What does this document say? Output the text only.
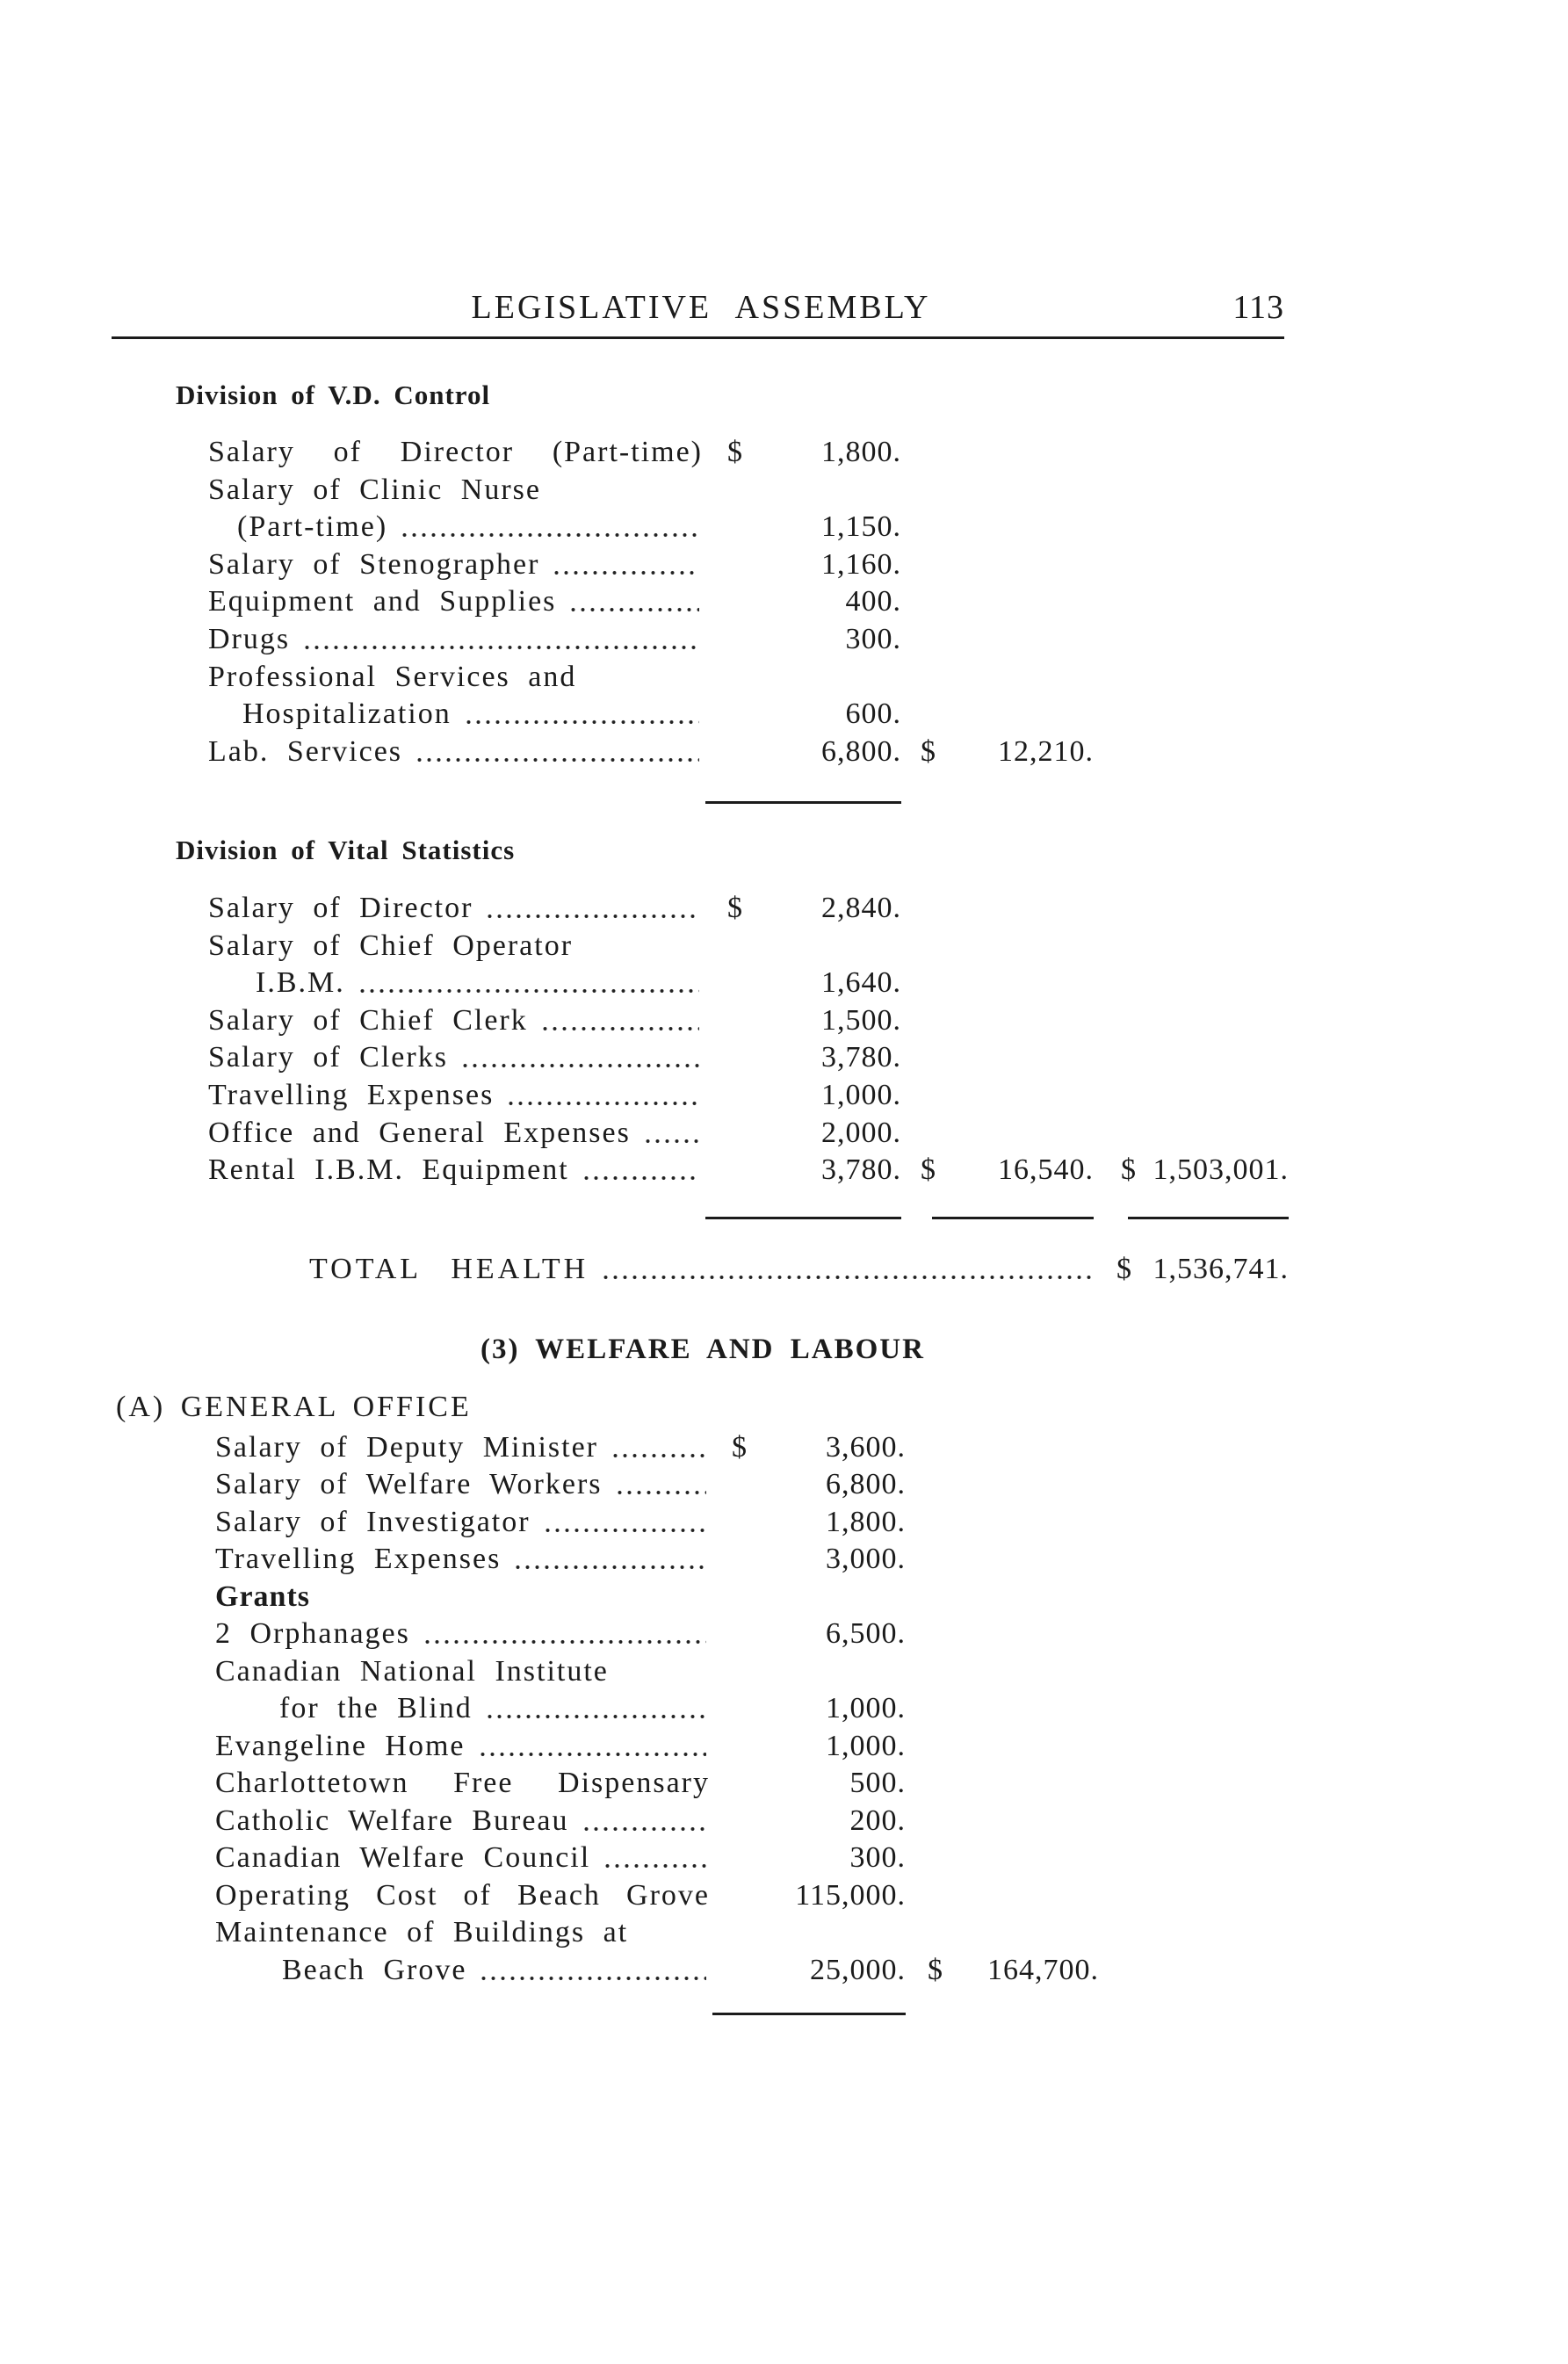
LEGISLATIVE ASSEMBLY	113
Division of V.D. Control
Salary of Director (Part-time) $	1,800.
Salary of Clinic Nurse
(Part-time)	1,150.
Salary of Stenographer	1,160.
Equipment and Supplies	400.
Drugs	300.
Professional Services and
Hospitalization	600.
Lab. Services	6,800. $	12,210.
Division of Vital Statistics
Salary of Director	$	2,840.
Salary of Chief Operator
I.B.M.	1,640.
Salary of Chief Clerk	1,500.
Salary of Clerks	3,780.
Travelling Expenses	1,000.
Office and General Expenses	2,000.
Rental I.B.M. Equipment	3,780. $	16,540. $ 1,503,001.
TOTAL HEALTH	$ 1,536,741.
(3) WELFARE AND LABOUR
(A) GENERAL OFFICE
Salary of Deputy Minister	$	3,600.
Salary of Welfare Workers	6,800.
Salary of Investigator	1,800.
Travelling Expenses	3,000.
Grants
2 Orphanages	6,500.
Canadian National Institute
for the Blind	1,000.
Evangeline Home	1,000.
Charlottetown Free Dispensary	500.
Catholic Welfare Bureau	200.
Canadian Welfare Council	300.
Operating Cost of Beach Grove	115,000.
Maintenance of Buildings at
Beach Grove	25,000. $	164,700.
